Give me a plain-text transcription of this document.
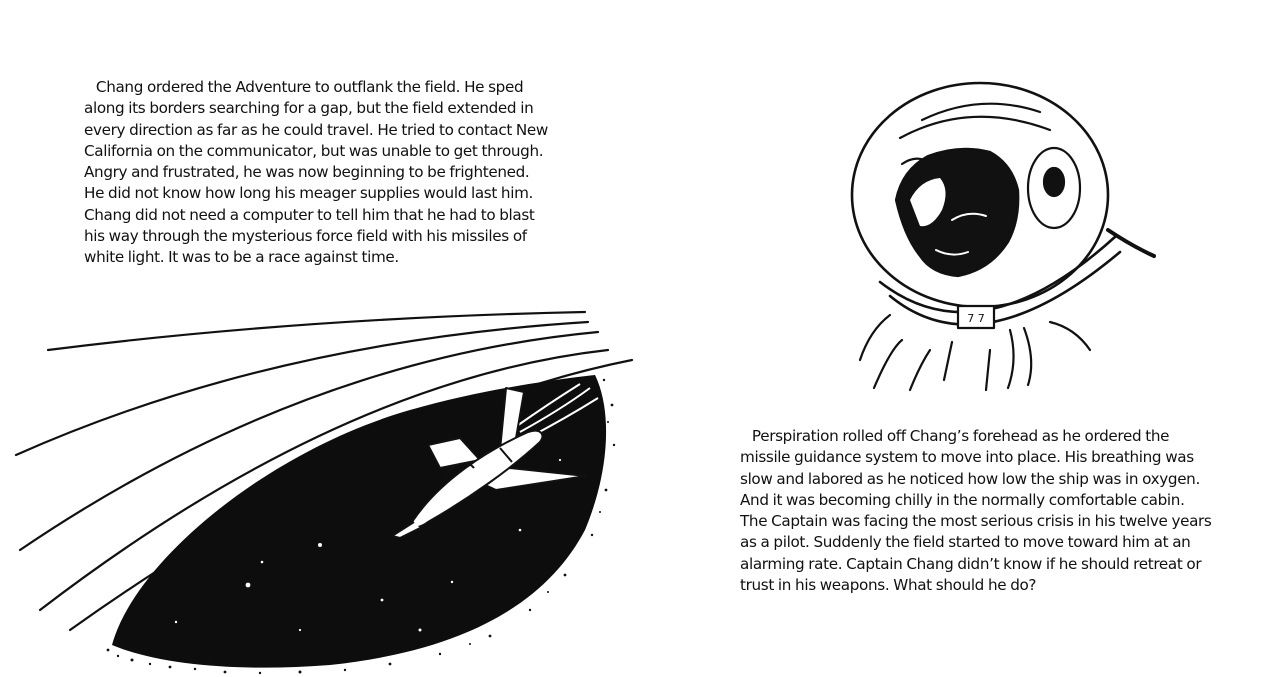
Chang ordered the Adventure to outflank the field. He sped
along its borders searching for a gap, but the field extended in
every direction as far as he could travel. He tried to contact New
California on the communicator, but was unable to get through.
Angry and frustrated, he was now beginning to be frightened.
He did not know how long his meager supplies would last him.
Chang did not need a computer to tell him that he had to blast
his way through the mysterious force field with his missiles of
white light. It was to be a race against time.

7 7

Perspiration rolled off Chang’s forehead as he ordered the
missile guidance system to move into place. His breathing was
slow and labored as he noticed how low the ship was in oxygen.
And it was becoming chilly in the normally comfortable cabin.
The Captain was facing the most serious crisis in his twelve years
as a pilot. Suddenly the field started to move toward him at an
alarming rate. Captain Chang didn’t know if he should retreat or
trust in his weapons. What should he do?
